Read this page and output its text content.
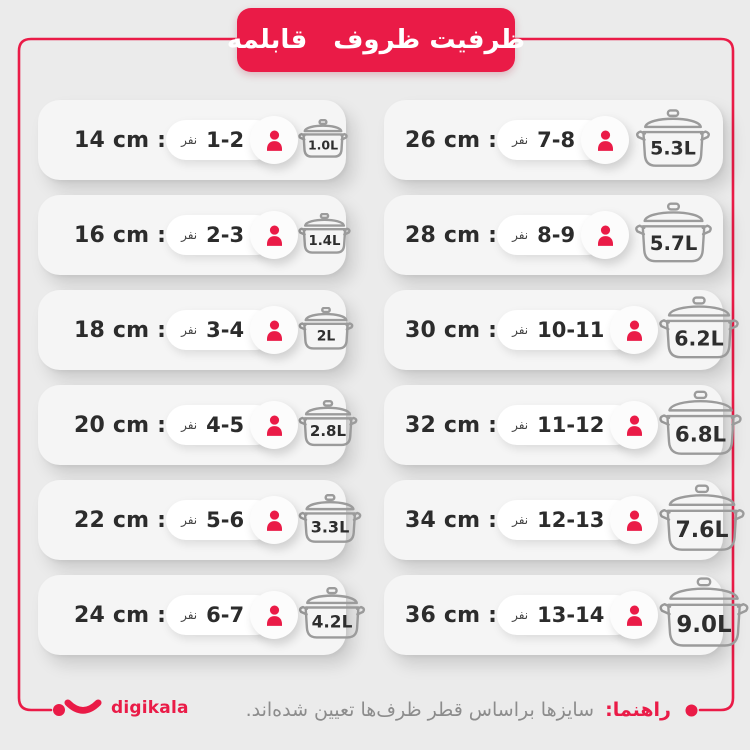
ظرفیت ظروف
قابلمه
14 cm : نفر 1-2 1.0L
16 cm : نفر 2-3 1.4L
18 cm : نفر 3-4	2L
20 cm : نفر 4-5	2.8L
22 cm : نفر 5-6	3.3L
24 cm : نفر 6-7	4.2L
26 cm : نفر 7-8	5.3L
28 cm : نفر 8-9	5.7L
30 cm : نفر 10-11	6.2L
32 cm : نفر 11-12	6.8L
34 cm : نفر 12-13	7.6L
36 cm : نفر 13-14	9.0L
digikala	راهنما: سایزها براساس قطر ظرف‌ها تعیین شده‌اند.
